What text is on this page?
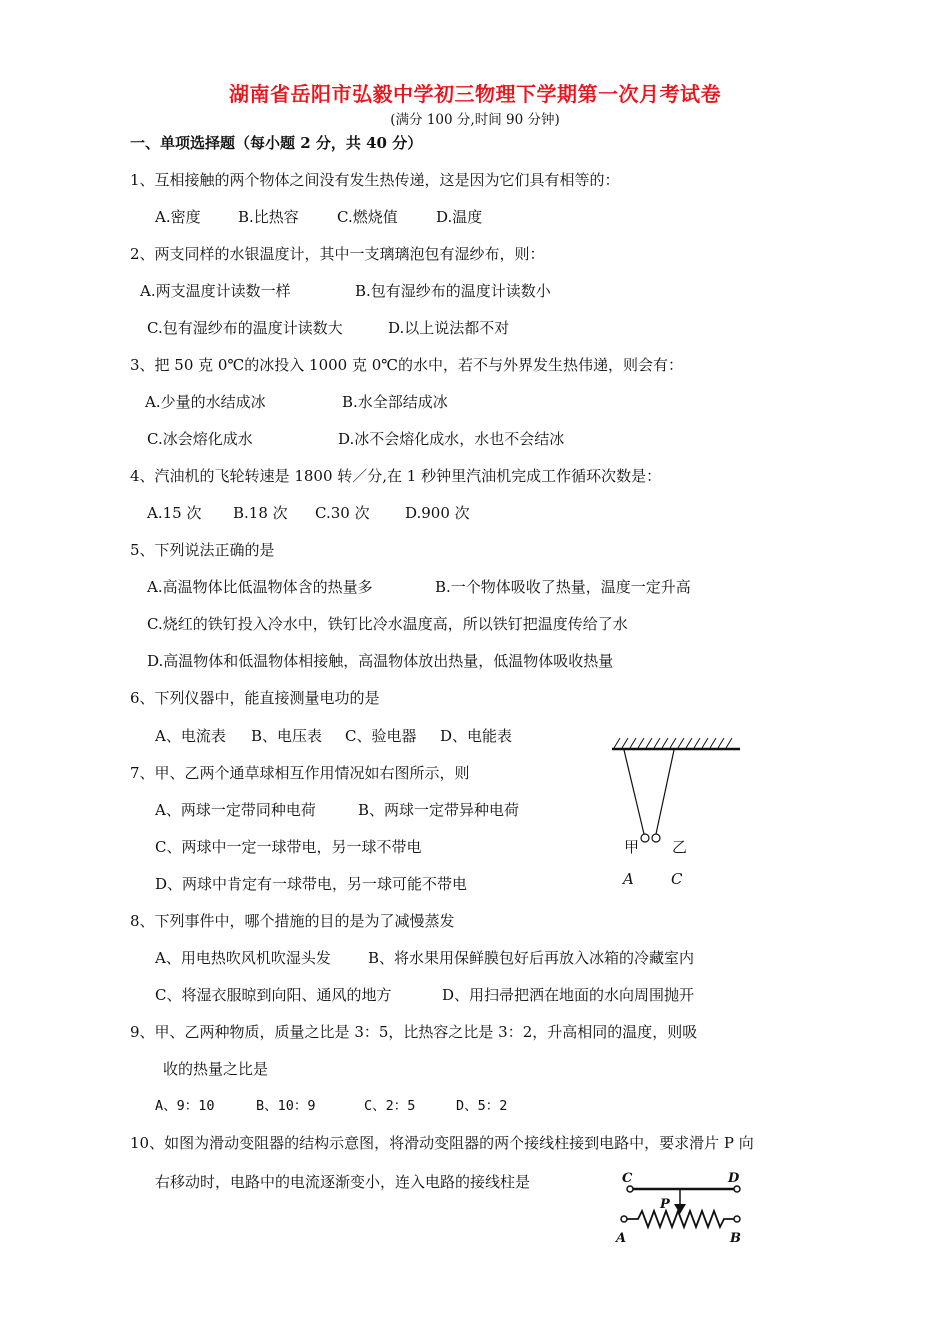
湖南省岳阳市弘毅中学初三物理下学期第一次月考试卷
(满分 100 分,时间 90 分钟)
一、单项选择题（每小题 2 分，共 40 分）
1、互相接触的两个物体之间没有发生热传递，这是因为它们具有相等的：
A.密度 B.比热容	C.燃烧值	D.温度
2、两支同样的水银温度计，其中一支璃璃泡包有湿纱布，则：
A.两支温度计读数一样	B.包有湿纱布的温度计读数小
C.包有湿纱布的温度计读数大	D.以上说法都不对
3、把 50 克 0℃的冰投入 1000 克 0℃的水中，若不与外界发生热伟递，则会有：
A.少量的水结成冰	B.水全部结成冰
C.冰会熔化成水	D.冰不会熔化成水，水也不会结冰
4、汽油机的飞轮转速是 1800 转／分,在 1 秒钟里汽油机完成工作循环次数是：
A.15 次 B.18 次 C.30 次 D.900 次
5、下列说法正确的是
A.高温物体比低温物体含的热量多	B.一个物体吸收了热量，温度一定升高
C.烧红的铁钉投入冷水中，铁钉比冷水温度高，所以铁钉把温度传给了水
D.高温物体和低温物体相接触，高温物体放出热量，低温物体吸收热量
6、下列仪器中，能直接测量电功的是
A、电流表 B、电压表 C、验电器 D、电能表
7、甲、乙两个通草球相互作用情况如右图所示，则
A、两球一定带同种电荷	B、两球一定带异种电荷
C、两球中一定一球带电，另一球不带电
D、两球中肯定有一球带电，另一球可能不带电
甲 乙
A C
8、下列事件中，哪个措施的目的是为了减慢蒸发
A、用电热吹风机吹湿头发 B、将水果用保鲜膜包好后再放入冰箱的冷藏室内
C、将湿衣服晾到向阳、通风的地方	D、用扫帚把洒在地面的水向周围抛开
9、甲、乙两种物质，质量之比是 3：5，比热容之比是 3：2，升高相同的温度，则吸
收的热量之比是
A、9：10	B、10：9	C、2：5	D、5：2
10、如图为滑动变阻器的结构示意图，将滑动变阻器的两个接线柱接到电路中，要求滑片 P 向
右移动时，电路中的电流逐渐变小，连入电路的接线柱是	C	D
P
A	B
